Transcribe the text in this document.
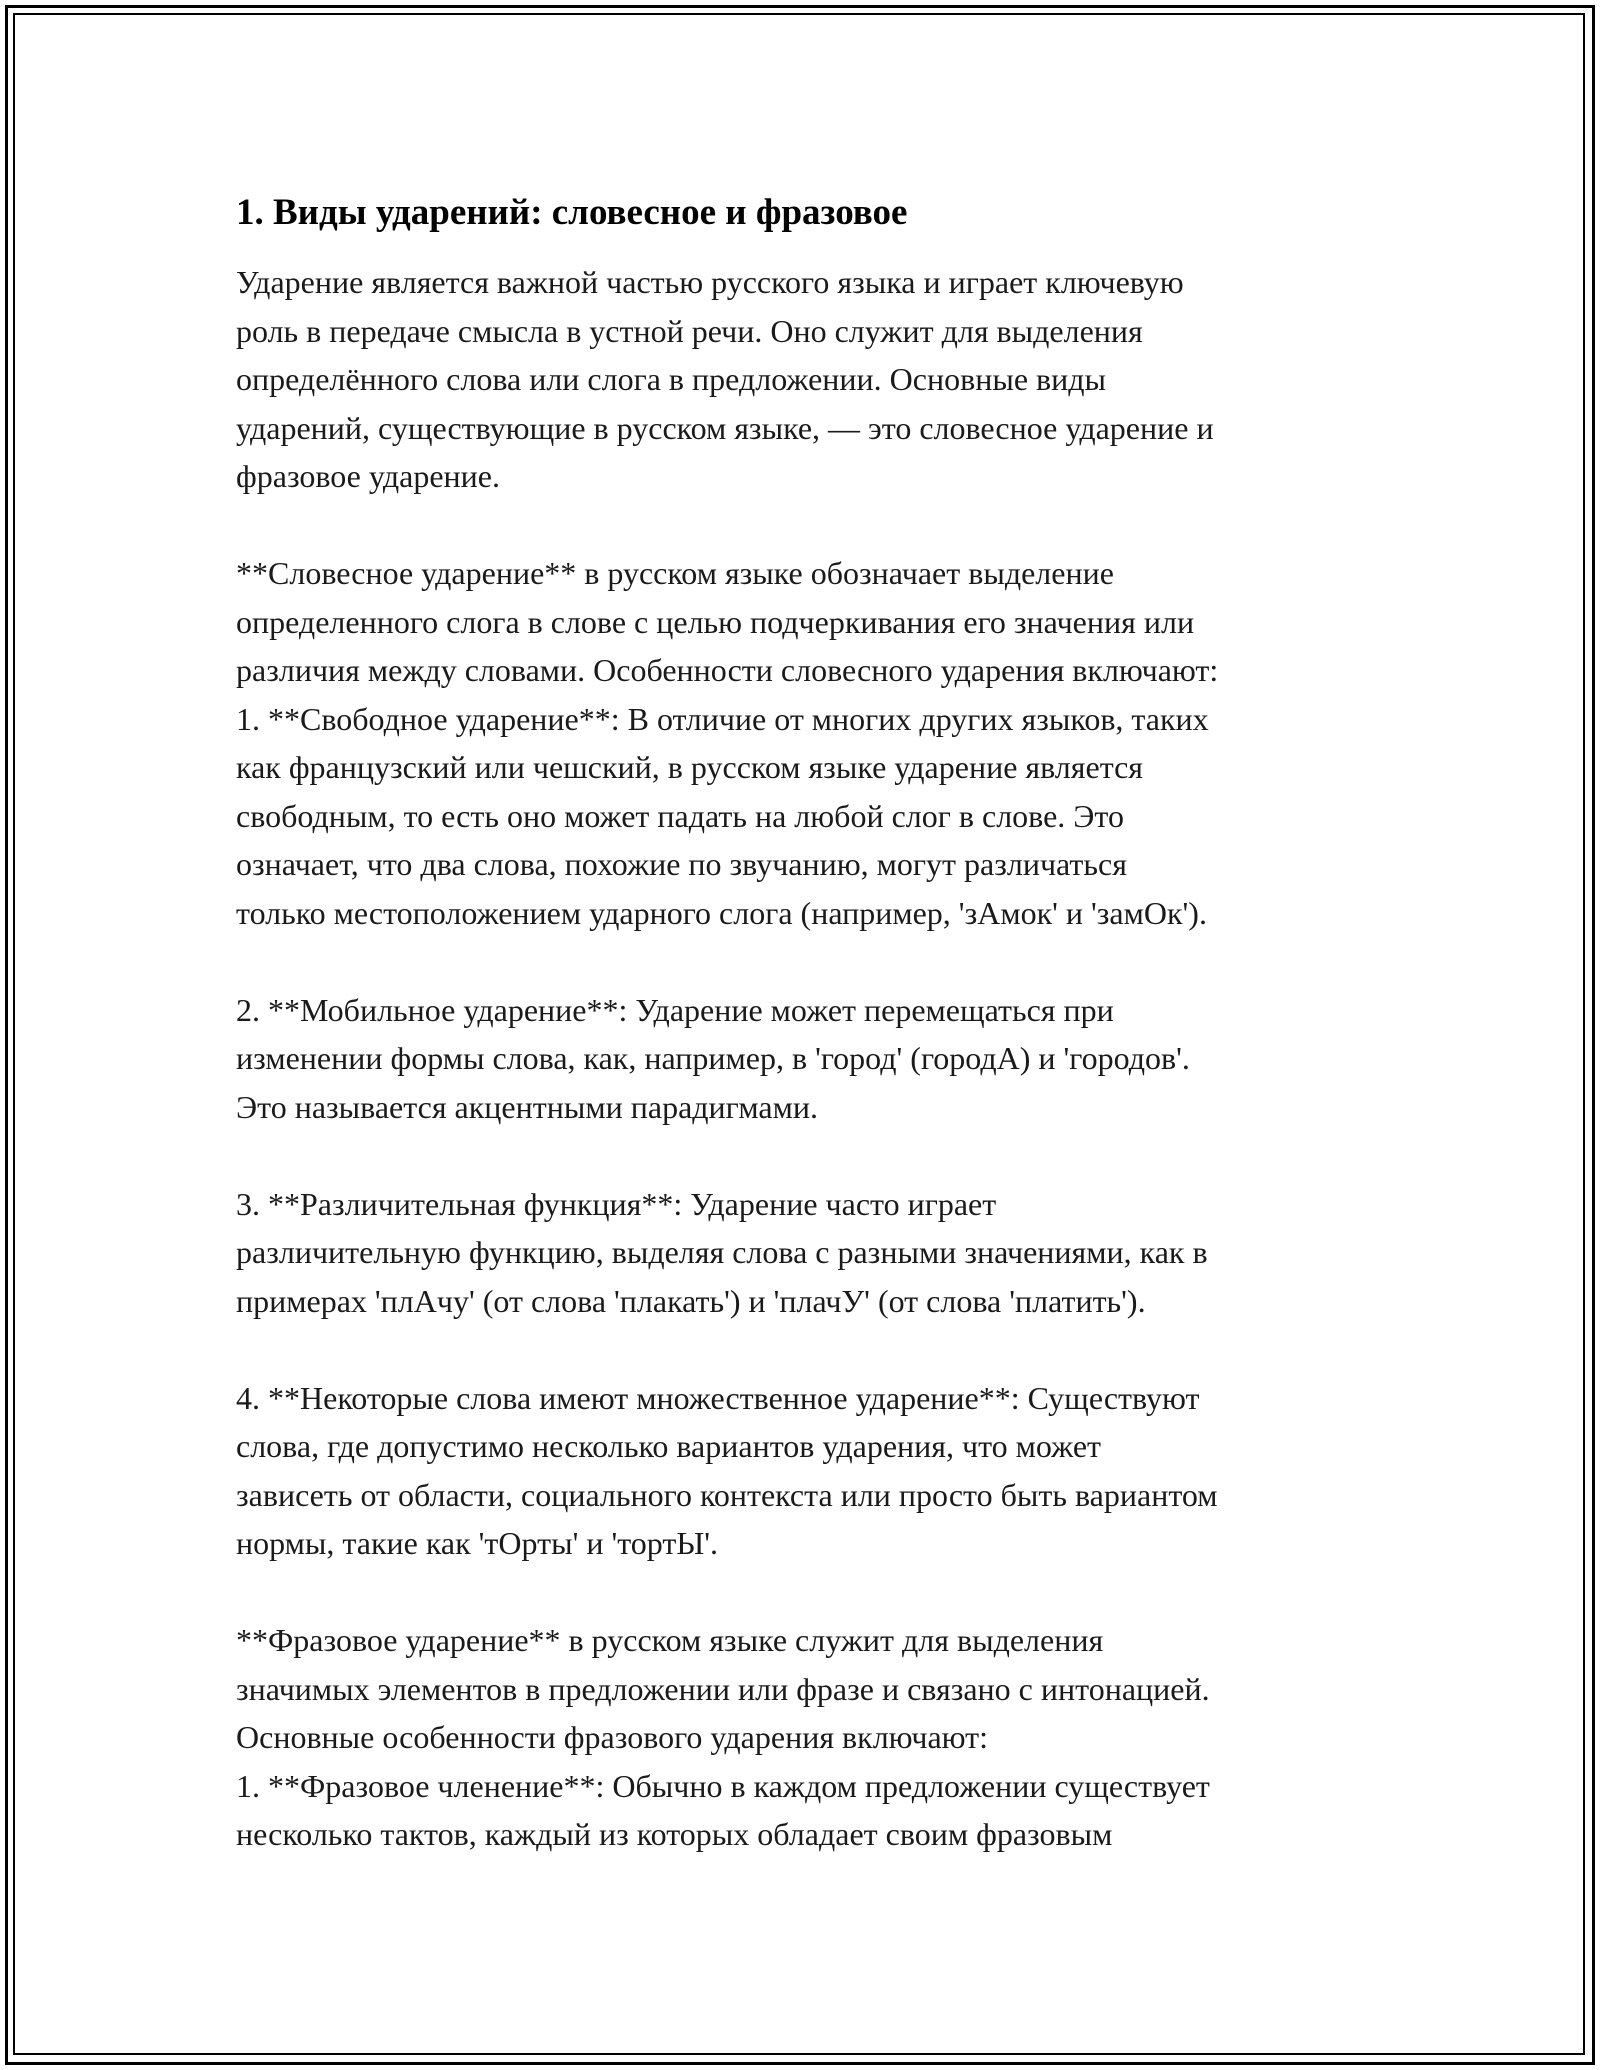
1. Виды ударений: словесное и фразовое
Ударение является важной частью русского языка и играет ключевую
роль в передаче смысла в устной речи. Оно служит для выделения
определённого слова или слога в предложении. Основные виды
ударений, существующие в русском языке, — это словесное ударение и
фразовое ударение.
**Словесное ударение** в русском языке обозначает выделение
определенного слога в слове с целью подчеркивания его значения или
различия между словами. Особенности словесного ударения включают:
1. **Свободное ударение**: В отличие от многих других языков, таких
как французский или чешский, в русском языке ударение является
свободным, то есть оно может падать на любой слог в слове. Это
означает, что два слова, похожие по звучанию, могут различаться
только местоположением ударного слога (например, 'зАмок' и 'замОк').
2. **Мобильное ударение**: Ударение может перемещаться при
изменении формы слова, как, например, в 'город' (городА) и 'городов'.
Это называется акцентными парадигмами.
3. **Различительная функция**: Ударение часто играет
различительную функцию, выделяя слова с разными значениями, как в
примерах 'плАчу' (от слова 'плакать') и 'плачУ' (от слова 'платить').
4. **Некоторые слова имеют множественное ударение**: Существуют
слова, где допустимо несколько вариантов ударения, что может
зависеть от области, социального контекста или просто быть вариантом
нормы, такие как 'тОрты' и 'тортЫ'.
**Фразовое ударение** в русском языке служит для выделения
значимых элементов в предложении или фразе и связано с интонацией.
Основные особенности фразового ударения включают:
1. **Фразовое членение**: Обычно в каждом предложении существует
несколько тактов, каждый из которых обладает своим фразовым
